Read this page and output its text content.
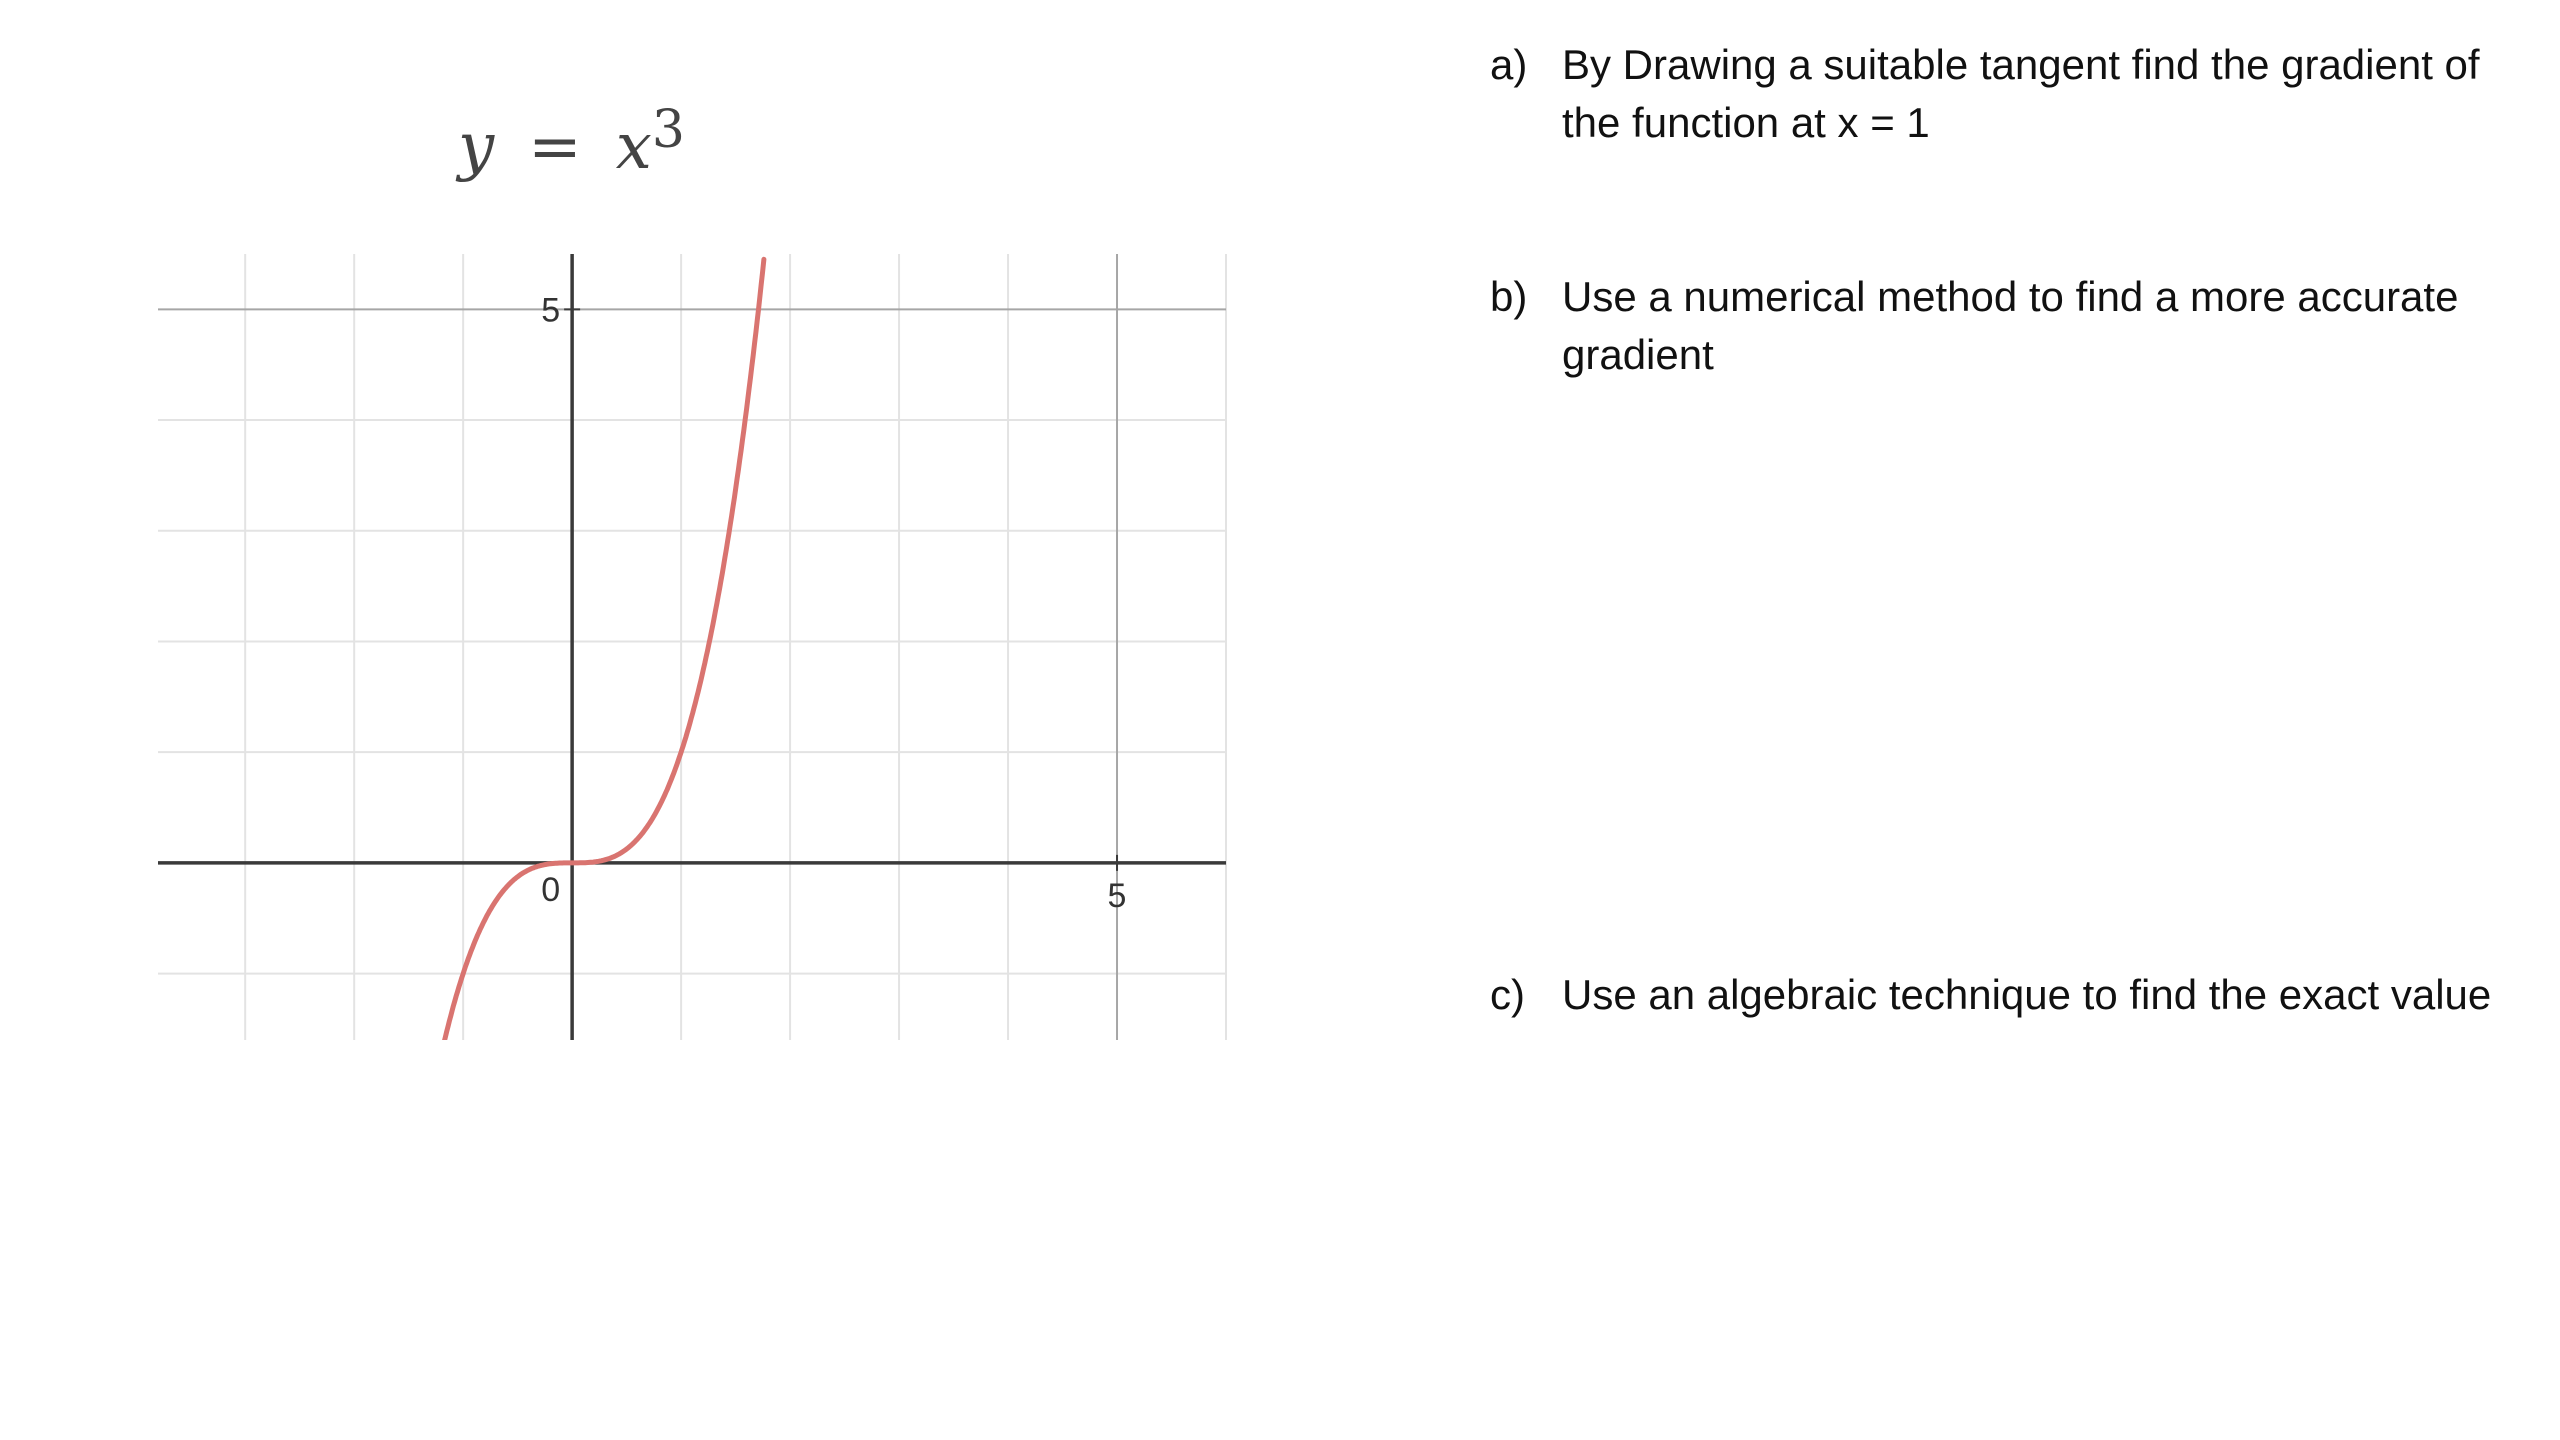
$y = x^3$
0	5
5
a) By Drawing a suitable tangent find the gradient of the function at x = 1
b) Use a numerical method to find a more accurate gradient
c) Use an algebraic technique to find the exact value
